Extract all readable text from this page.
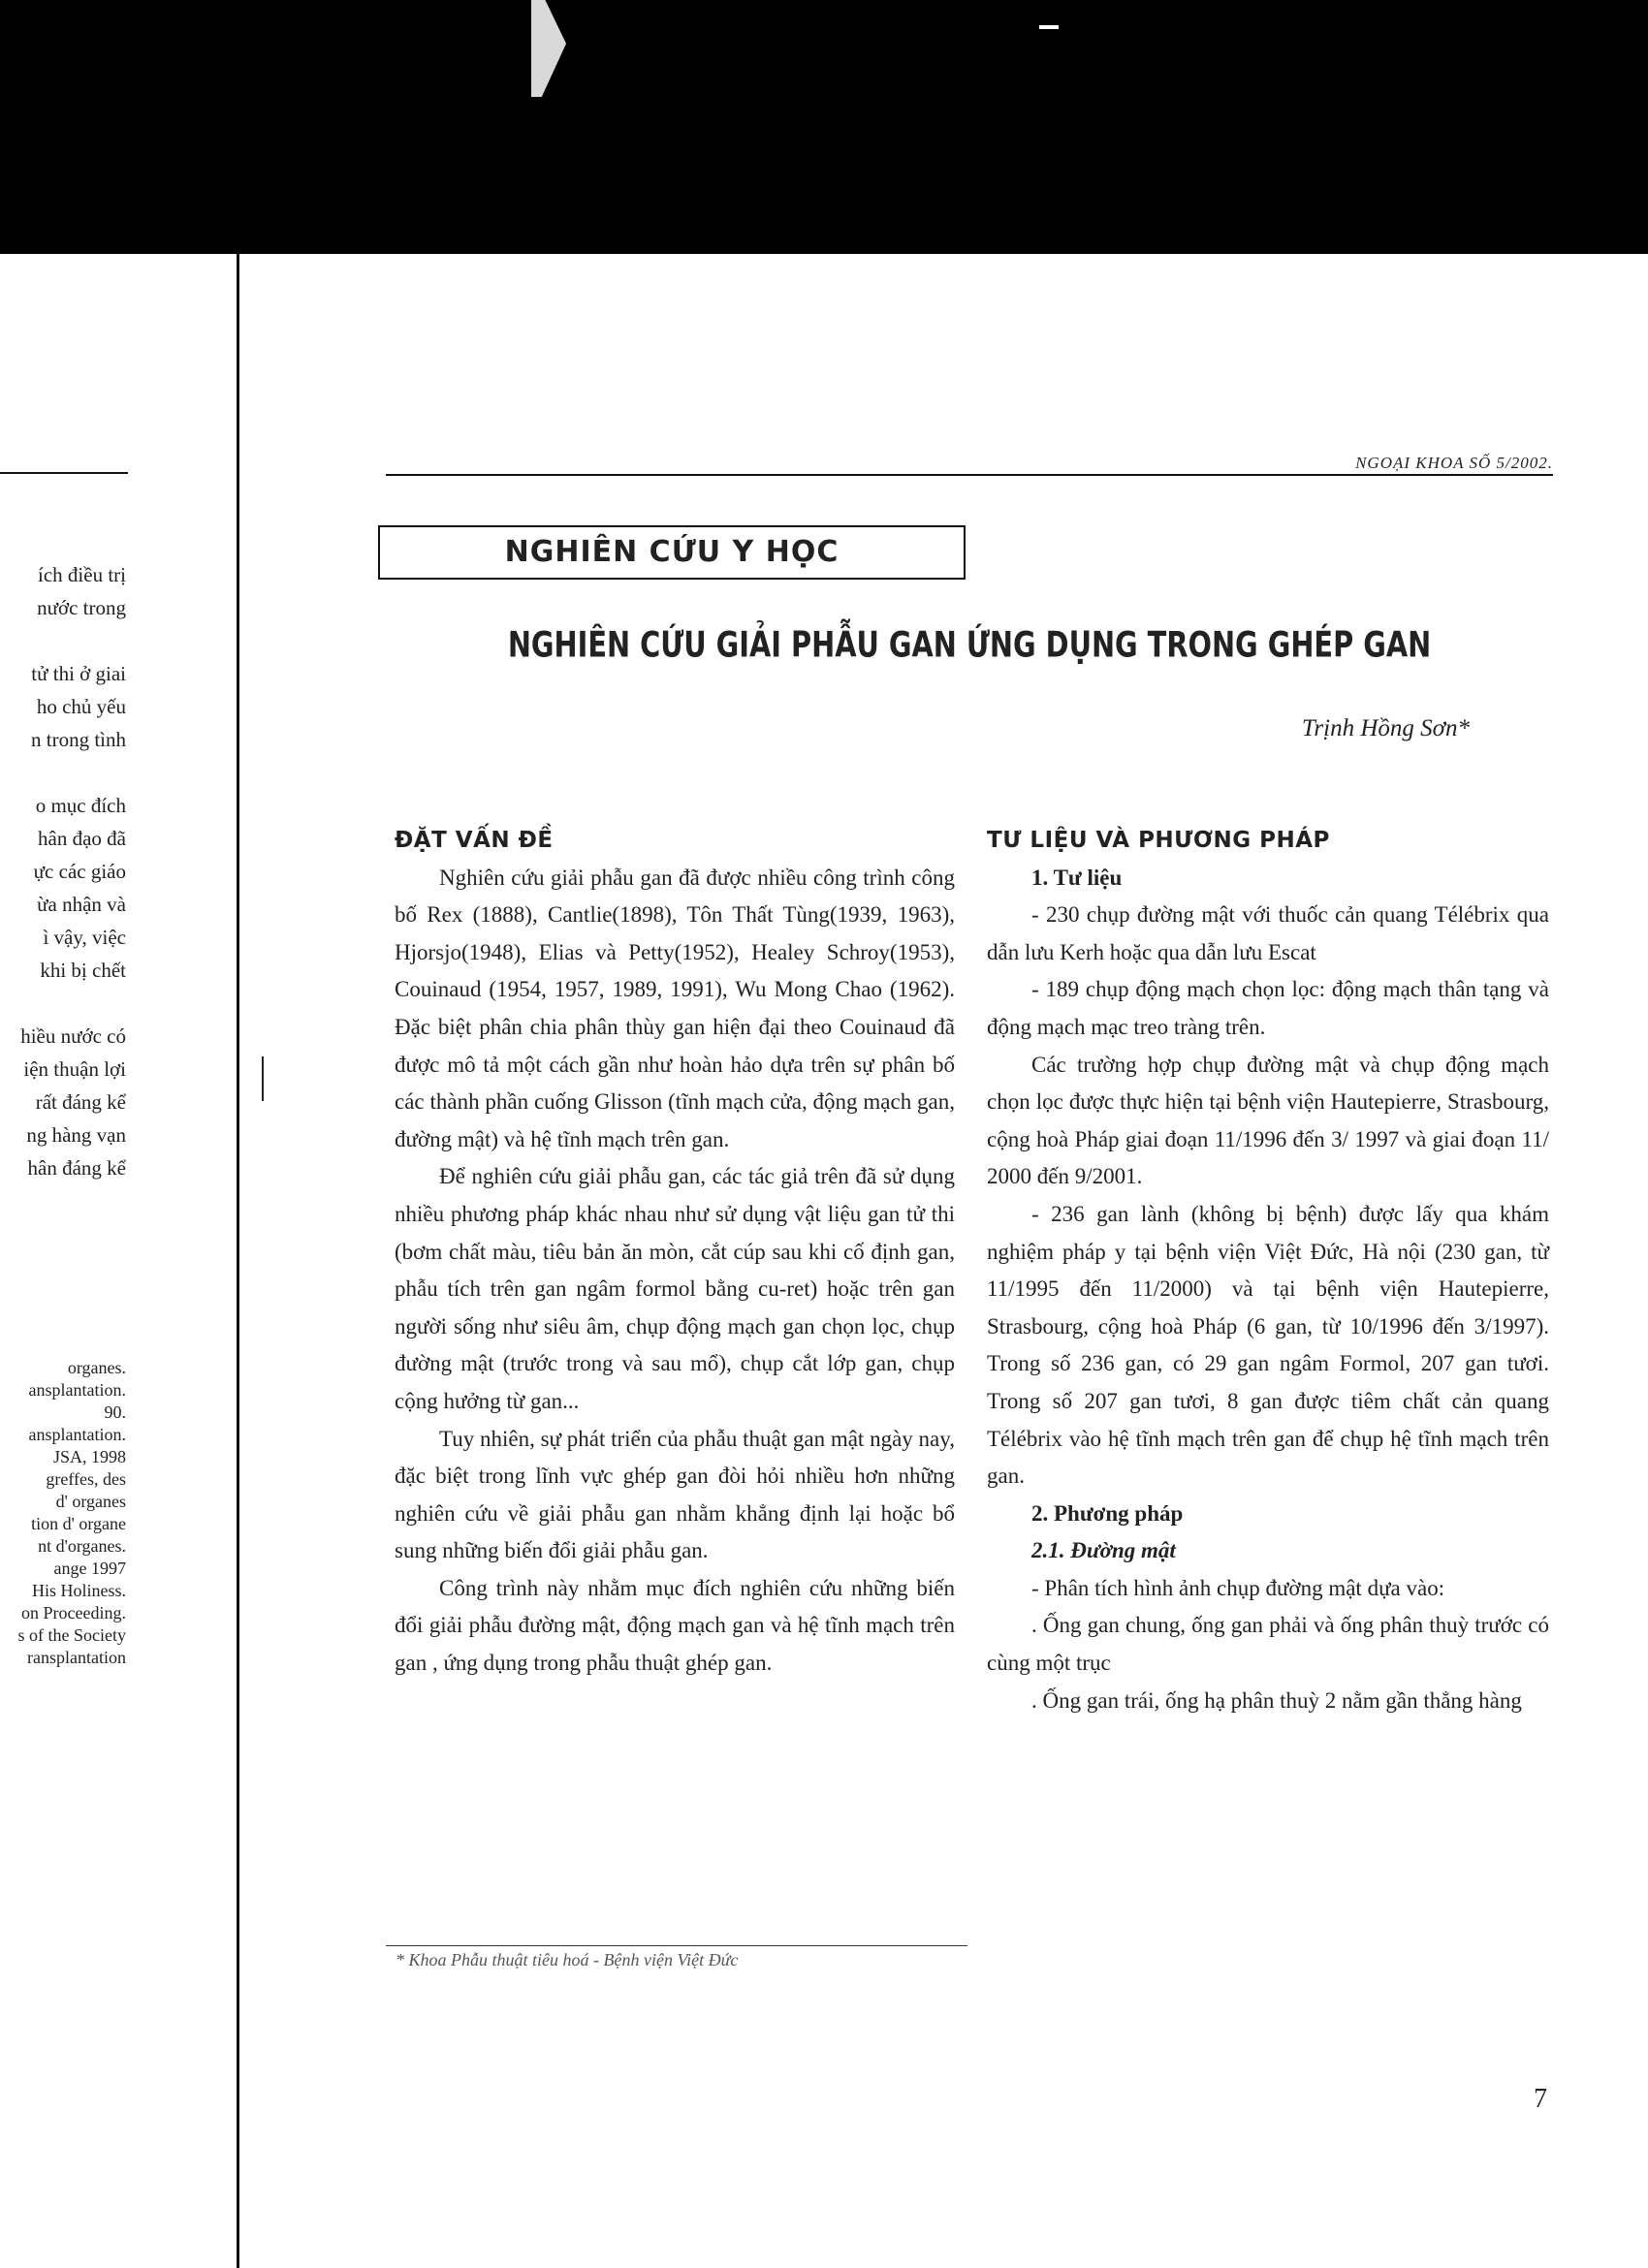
ích điều trị
nước trong

tử thi ở giai
ho chủ yếu
n trong tình

o mục đích
hân đạo đã
ực các giáo
ừa nhận và
ì vậy, việc
khi bị chết

hiều nước có
iện thuận lợi
rất đáng kể
ng hàng vạn
hân đáng kể
organes.
ansplantation.
90.
ansplantation.
JSA, 1998
greffes, des
d' organes
tion d' organe
nt d'organes.
ange 1997
His Holiness.
on Proceeding.
s of the Society
ransplantation
NGOẠI KHOA SỐ 5/2002.
NGHIÊN CỨU Y HỌC
NGHIÊN CỨU GIẢI PHẪU GAN ỨNG DỤNG TRONG GHÉP GAN
Trịnh Hồng Sơn*
ĐẶT VẤN ĐỀ

Nghiên cứu giải phẫu gan đã được nhiều công trình công bố Rex (1888), Cantlie(1898), Tôn Thất Tùng(1939, 1963), Hjorsjo(1948), Elias và Petty(1952), Healey Schroy(1953), Couinaud (1954, 1957, 1989, 1991), Wu Mong Chao (1962). Đặc biệt phân chia phân thùy gan hiện đại theo Couinaud đã được mô tả một cách gần như hoàn hảo dựa trên sự phân bố các thành phần cuống Glisson (tĩnh mạch cửa, động mạch gan, đường mật) và hệ tĩnh mạch trên gan.

Để nghiên cứu giải phẫu gan, các tác giả trên đã sử dụng nhiều phương pháp khác nhau như sử dụng vật liệu gan tử thi (bơm chất màu, tiêu bản ăn mòn, cắt cúp sau khi cố định gan, phẫu tích trên gan ngâm formol bằng cu-ret) hoặc trên gan người sống như siêu âm, chụp động mạch gan chọn lọc, chụp đường mật (trước trong và sau mổ), chụp cắt lớp gan, chụp cộng hưởng từ gan...

Tuy nhiên, sự phát triển của phẫu thuật gan mật ngày nay, đặc biệt trong lĩnh vực ghép gan đòi hỏi nhiều hơn những nghiên cứu về giải phẫu gan nhằm khẳng định lại hoặc bổ sung những biến đổi giải phẫu gan.

Công trình này nhằm mục đích nghiên cứu những biến đổi giải phẫu đường mật, động mạch gan và hệ tĩnh mạch trên gan , ứng dụng trong phẫu thuật ghép gan.

TƯ LIỆU VÀ PHƯƠNG PHÁP

1. Tư liệu

- 230 chụp đường mật với thuốc cản quang Télébrix qua dẫn lưu Kerh hoặc qua dẫn lưu Escat

- 189 chụp động mạch chọn lọc: động mạch thân tạng và động mạch mạc treo tràng trên.

Các trường hợp chụp đường mật và chụp động mạch chọn lọc được thực hiện tại bệnh viện Hautepierre, Strasbourg, cộng hoà Pháp giai đoạn 11/1996 đến 3/ 1997 và giai đoạn 11/ 2000 đến 9/2001.

- 236 gan lành (không bị bệnh) được lấy qua khám nghiệm pháp y tại bệnh viện Việt Đức, Hà nội (230 gan, từ 11/1995 đến 11/2000) và tại bệnh viện Hautepierre, Strasbourg, cộng hoà Pháp (6 gan, từ 10/1996 đến 3/1997). Trong số 236 gan, có 29 gan ngâm Formol, 207 gan tươi. Trong số 207 gan tươi, 8 gan được tiêm chất cản quang Télébrix vào hệ tĩnh mạch trên gan để chụp hệ tĩnh mạch trên gan.

2. Phương pháp

2.1. Đường mật

- Phân tích hình ảnh chụp đường mật dựa vào:

. Ống gan chung, ống gan phải và ống phân thuỳ trước có cùng một trục

. Ống gan trái, ống hạ phân thuỳ 2 nằm gần thẳng hàng

* Khoa Phẫu thuật tiêu hoá - Bệnh viện Việt Đức
7
